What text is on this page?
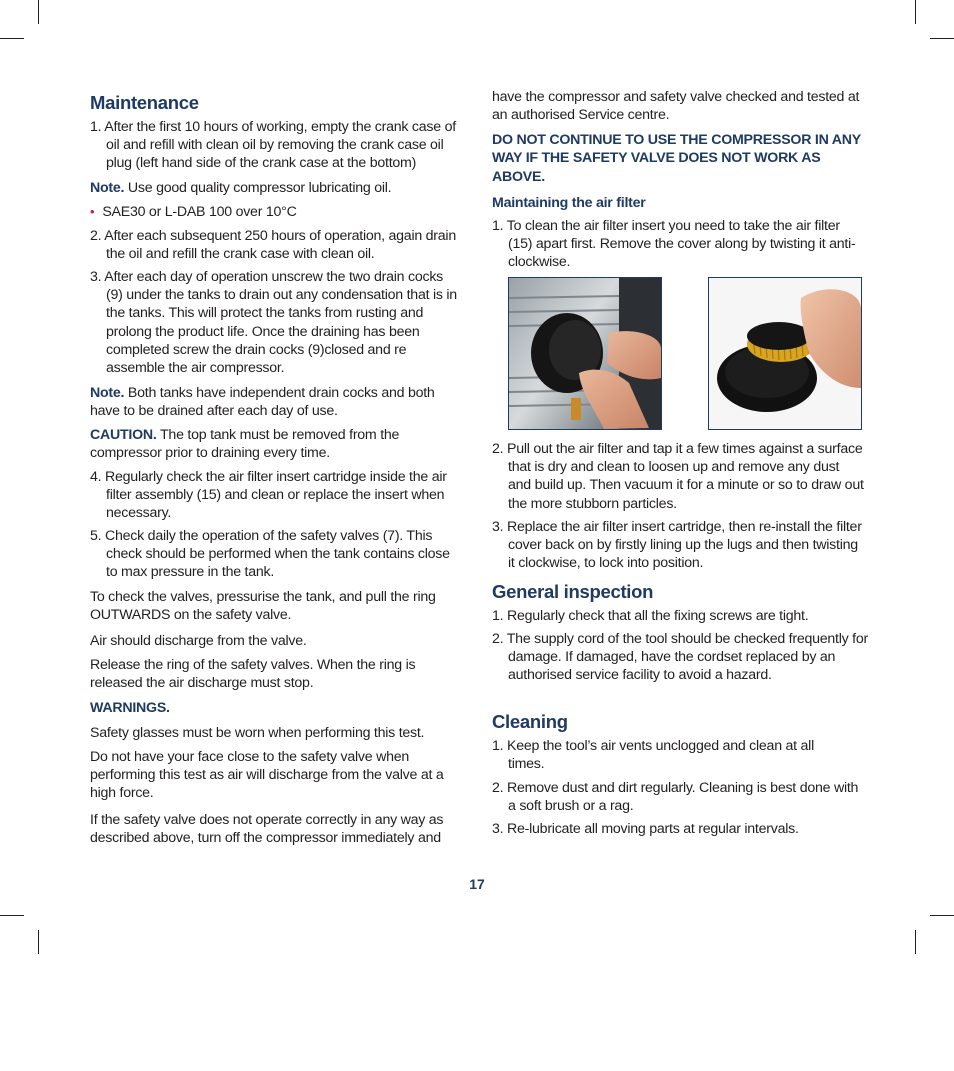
Maintenance

1. After the first 10 hours of working, empty the crank case of oil and refill with clean oil by removing the crank case oil plug (left hand side of the crank case at the bottom)

Note. Use good quality compressor lubricating oil.

• SAE30 or L-DAB 100 over 10°C

2. After each subsequent 250 hours of operation, again drain the oil and refill the crank case with clean oil.

3. After each day of operation unscrew the two drain cocks (9) under the tanks to drain out any condensation that is in the tanks. This will protect the tanks from rusting and prolong the product life. Once the draining has been completed screw the drain cocks (9)closed and re assemble the air compressor.

Note. Both tanks have independent drain cocks and both have to be drained after each day of use.

CAUTION. The top tank must be removed from the compressor prior to draining every time.

4. Regularly check the air filter insert cartridge inside the air filter assembly (15) and clean or replace the insert when necessary.

5. Check daily the operation of the safety valves (7). This check should be performed when the tank contains close to max pressure in the tank.

To check the valves, pressurise the tank, and pull the ring OUTWARDS on the safety valve.

Air should discharge from the valve.

Release the ring of the safety valves. When the ring is released the air discharge must stop.

WARNINGS.

Safety glasses must be worn when performing this test.

Do not have your face close to the safety valve when performing this test as air will discharge from the valve at a high force.

If the safety valve does not operate correctly in any way as described above, turn off the compressor immediately and

have the compressor and safety valve checked and tested at an authorised Service centre.

DO NOT CONTINUE TO USE THE COMPRESSOR IN ANY WAY IF THE SAFETY VALVE DOES NOT WORK AS ABOVE.

Maintaining the air filter

1. To clean the air filter insert you need to take the air filter (15) apart first. Remove the cover along by twisting it anti-clockwise.

2. Pull out the air filter and tap it a few times against a surface that is dry and clean to loosen up and remove any dust and build up. Then vacuum it for a minute or so to draw out the more stubborn particles.

3. Replace the air filter insert cartridge, then re-install the filter cover back on by firstly lining up the lugs and then twisting it clockwise, to lock into position.

General inspection

1. Regularly check that all the fixing screws are tight.

2. The supply cord of the tool should be checked frequently for damage. If damaged, have the cordset replaced by an authorised service facility to avoid a hazard.

Cleaning

1. Keep the tool’s air vents unclogged and clean at all times.

2. Remove dust and dirt regularly. Cleaning is best done with a soft brush or a rag.

3. Re-lubricate all moving parts at regular intervals.

17
